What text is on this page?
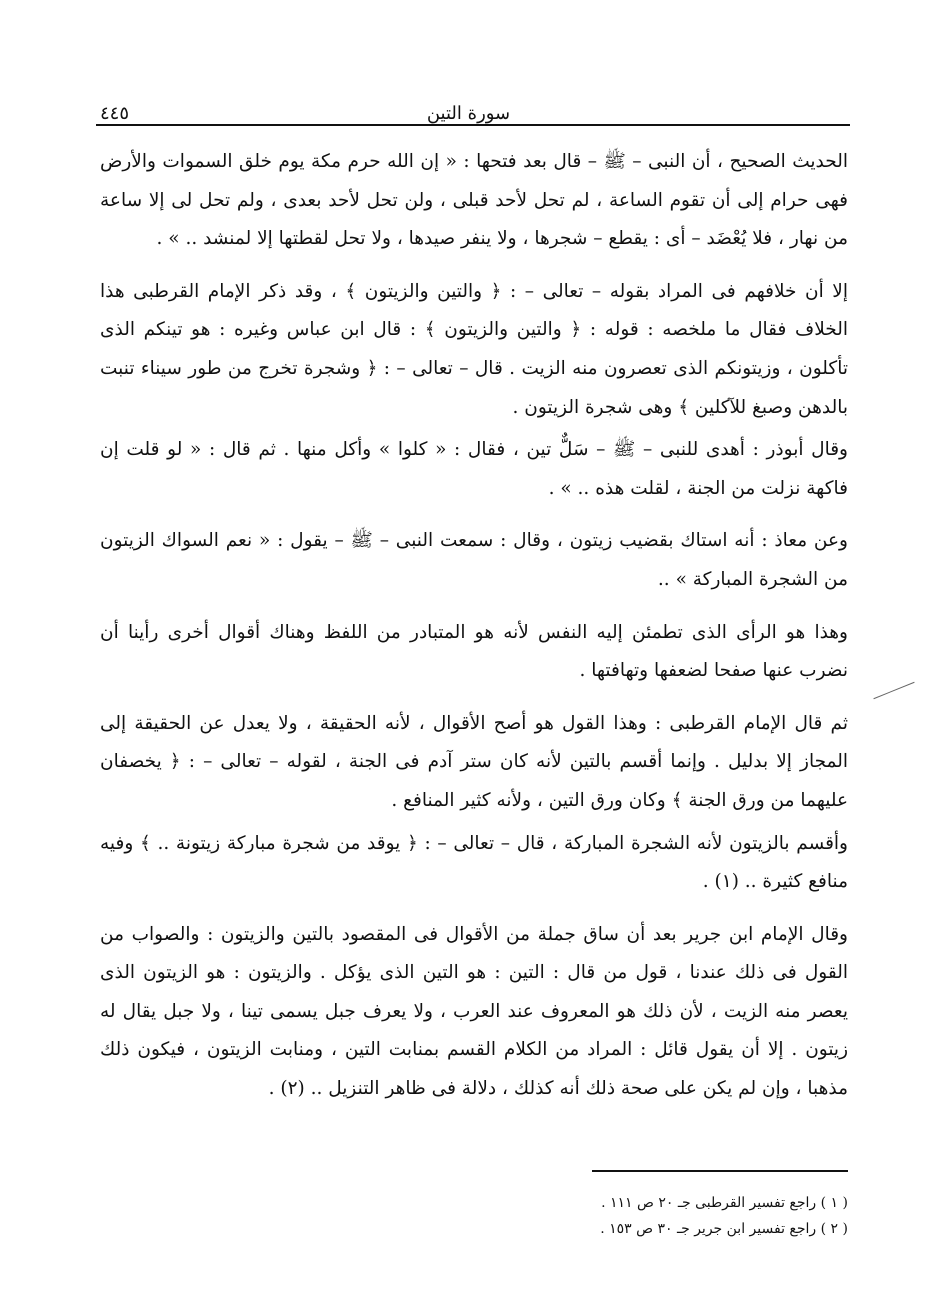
٤٤٥	سورة التين

الحديث الصحيح ، أن النبى – ﷺ – قال بعد فتحها : « إن الله حرم مكة يوم خلق السموات والأرض فهى حرام إلى أن تقوم الساعة ، لم تحل لأحد قبلى ، ولن تحل لأحد بعدى ، ولم تحل لى إلا ساعة من نهار ، فلا يُعْضَد – أى : يقطع – شجرها ، ولا ينفر صيدها ، ولا تحل لقطتها إلا لمنشد .. » .

إلا أن خلافهم فى المراد بقوله – تعالى – : ﴿ والتين والزيتون ﴾ ، وقد ذكر الإمام القرطبى هذا الخلاف فقال ما ملخصه : قوله : ﴿ والتين والزيتون ﴾ : قال ابن عباس وغيره : هو تينكم الذى تأكلون ، وزيتونكم الذى تعصرون منه الزيت . قال – تعالى – : ﴿ وشجرة تخرج من طور سيناء تنبت بالدهن وصبغ للآكلين ﴾ وهى شجرة الزيتون .

وقال أبوذر : أهدى للنبى – ﷺ – سَلٌّ تين ، فقال : « كلوا » وأكل منها . ثم قال : « لو قلت إن فاكهة نزلت من الجنة ، لقلت هذه .. » .

وعن معاذ : أنه استاك بقضيب زيتون ، وقال : سمعت النبى – ﷺ – يقول : « نعم السواك الزيتون من الشجرة المباركة » ..

وهذا هو الرأى الذى تطمئن إليه النفس لأنه هو المتبادر من اللفظ وهناك أقوال أخرى رأينا أن نضرب عنها صفحا لضعفها وتهافتها .

ثم قال الإمام القرطبى : وهذا القول هو أصح الأقوال ، لأنه الحقيقة ، ولا يعدل عن الحقيقة إلى المجاز إلا بدليل . وإنما أقسم بالتين لأنه كان ستر آدم فى الجنة ، لقوله – تعالى – : ﴿ يخصفان عليهما من ورق الجنة ﴾ وكان ورق التين ، ولأنه كثير المنافع .

وأقسم بالزيتون لأنه الشجرة المباركة ، قال – تعالى – : ﴿ يوقد من شجرة مباركة زيتونة .. ﴾ وفيه منافع كثيرة .. (١) .

وقال الإمام ابن جرير بعد أن ساق جملة من الأقوال فى المقصود بالتين والزيتون : والصواب من القول فى ذلك عندنا ، قول من قال : التين : هو التين الذى يؤكل . والزيتون : هو الزيتون الذى يعصر منه الزيت ، لأن ذلك هو المعروف عند العرب ، ولا يعرف جبل يسمى تينا ، ولا جبل يقال له زيتون . إلا أن يقول قائل : المراد من الكلام القسم بمنابت التين ، ومنابت الزيتون ، فيكون ذلك مذهبا ، وإن لم يكن على صحة ذلك أنه كذلك ، دلالة فى ظاهر التنزيل .. (٢) .

( ١ ) راجع تفسير القرطبى جـ ٢٠ ص ١١١ .

( ٢ ) راجع تفسير ابن جرير جـ ٣٠ ص ١٥٣ .
